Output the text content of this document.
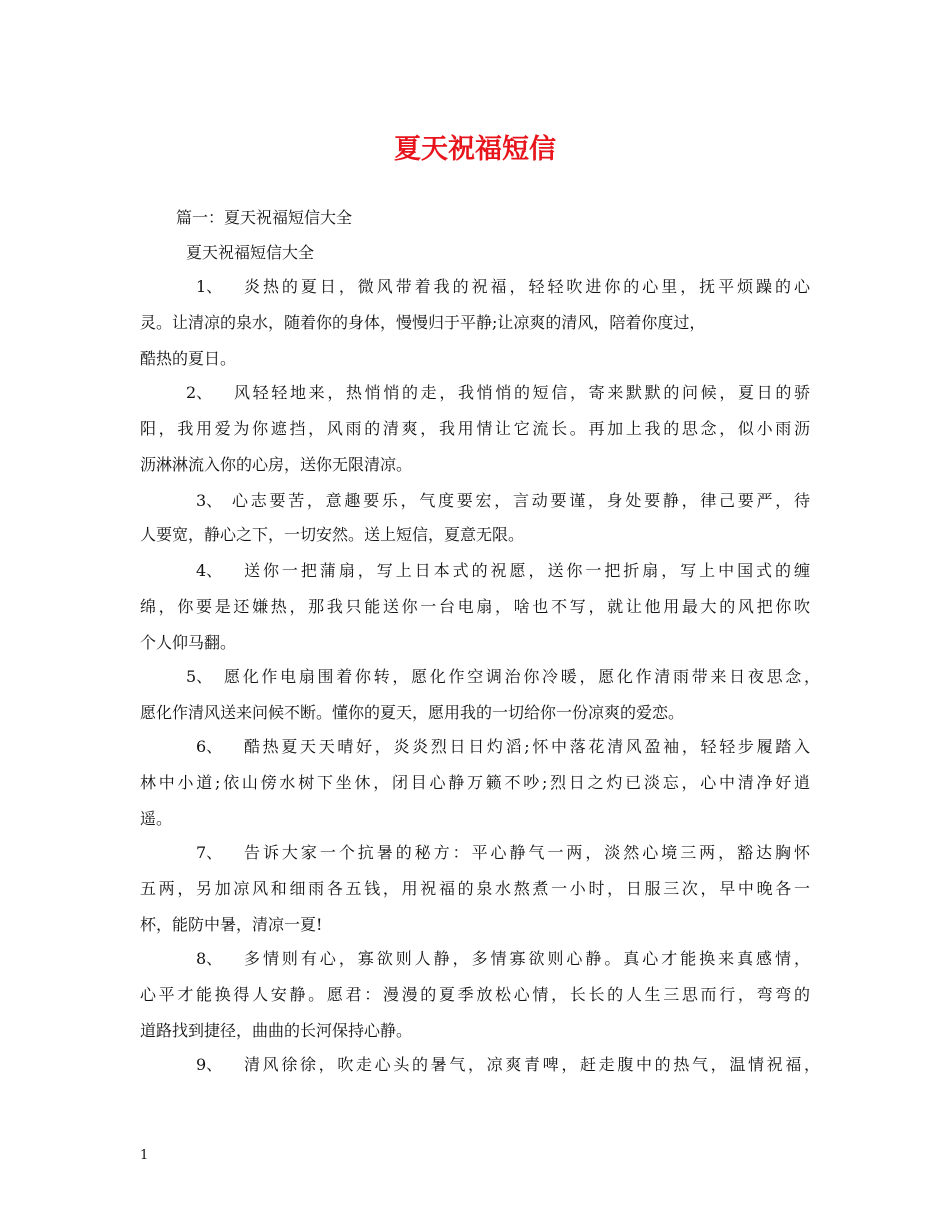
夏天祝福短信
篇一：夏天祝福短信大全
夏天祝福短信大全
1、	炎热的夏日，微风带着我的祝福，轻轻吹进你的心里，抚平烦躁的心
灵。让清凉的泉水，随着你的身体，慢慢归于平静;让凉爽的清风，陪着你度过，
酷热的夏日。
2、	风轻轻地来，热悄悄的走，我悄悄的短信，寄来默默的问候，夏日的骄
阳，我用爱为你遮挡，风雨的清爽，我用情让它流长。再加上我的思念，似小雨沥
沥淋淋流入你的心房，送你无限清凉。
3、 心志要苦，意趣要乐，气度要宏，言动要谨，身处要静，律己要严，待
人要宽，静心之下，一切安然。送上短信，夏意无限。
4、	送你一把蒲扇，写上日本式的祝愿，送你一把折扇，写上中国式的缠
绵，你要是还嫌热，那我只能送你一台电扇，啥也不写，就让他用最大的风把你吹
个人仰马翻。
5、 愿化作电扇围着你转，愿化作空调治你冷暖，愿化作清雨带来日夜思念，
愿化作清风送来问候不断。懂你的夏天，愿用我的一切给你一份凉爽的爱恋。
6、	酷热夏天天晴好，炎炎烈日日灼滔;怀中落花清风盈袖，轻轻步履踏入
林中小道;依山傍水树下坐休，闭目心静万籁不吵;烈日之灼已淡忘，心中清净好逍
遥。
7、	告诉大家一个抗暑的秘方：平心静气一两，淡然心境三两，豁达胸怀
五两，另加凉风和细雨各五钱，用祝福的泉水熬煮一小时，日服三次，早中晚各一
杯，能防中暑，清凉一夏!
8、	多情则有心，寡欲则人静，多情寡欲则心静。真心才能换来真感情，
心平才能换得人安静。愿君：漫漫的夏季放松心情，长长的人生三思而行，弯弯的
道路找到捷径，曲曲的长河保持心静。
9、	清风徐徐，吹走心头的暑气，凉爽青啤，赶走腹中的热气，温情祝福，
1
